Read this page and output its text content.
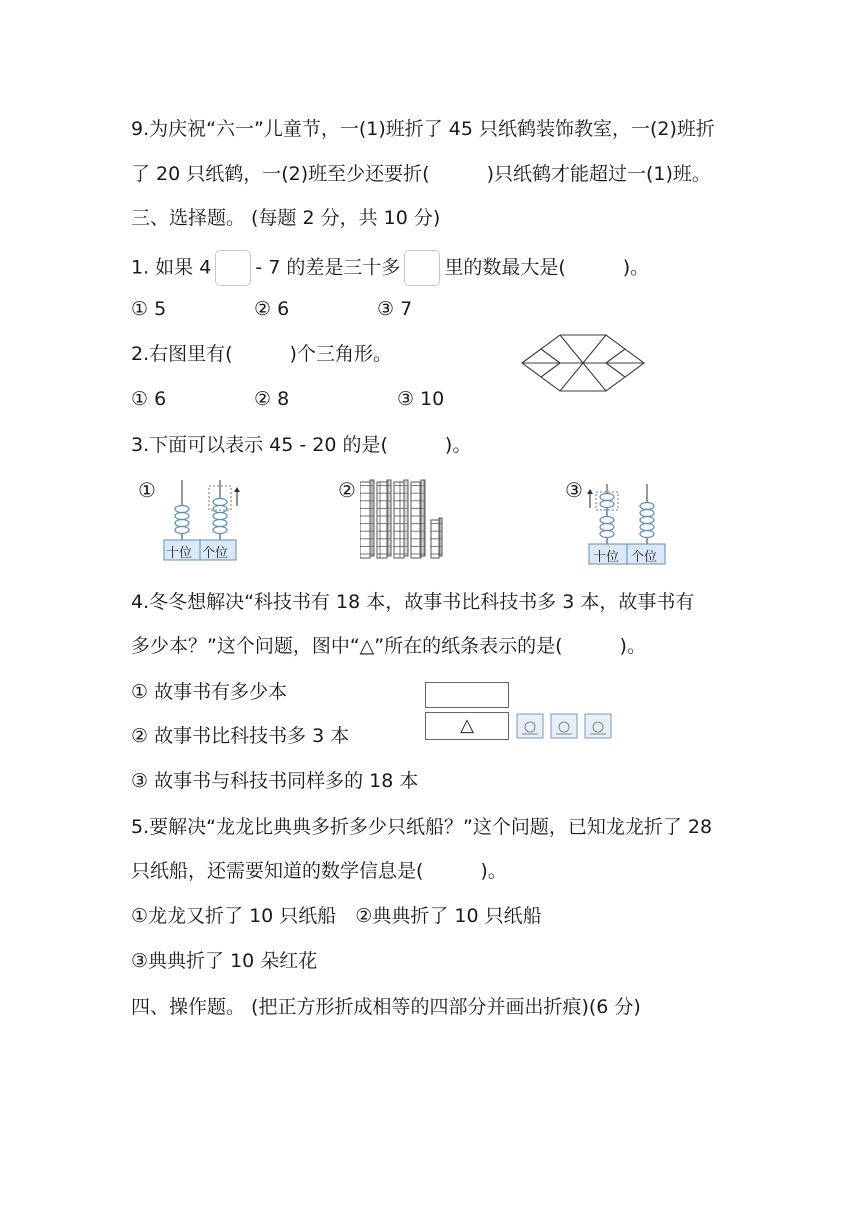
9.为庆祝“六一”儿童节，一(1)班折了 45 只纸鹤装饰教室，一(2)班折
了 20 只纸鹤，一(2)班至少还要折(　　　)只纸鹤才能超过一(1)班。
三、选择题。 (每题 2 分，共 10 分)
1. 如果 4 - 7 的差是三十多 里的数最大是(　　　)。
① 5	② 6	③ 7
2.右图里有(　　　)个三角形。
① 6	② 8	③ 10
3.下面可以表示 45 - 20 的是(　　　)。
①
十位 个位
②	③
十位 个位
4.冬冬想解决“科技书有 18 本，故事书比科技书多 3 本，故事书有
多少本？”这个问题，图中“△”所在的纸条表示的是(　　　)。
① 故事书有多少本
② 故事书比科技书多 3 本
③ 故事书与科技书同样多的 18 本
△
5.要解决“龙龙比典典多折多少只纸船？”这个问题，已知龙龙折了 28
只纸船，还需要知道的数学信息是(　　　)。
①龙龙又折了 10 只纸船　②典典折了 10 只纸船
③典典折了 10 朵红花
四、操作题。 (把正方形折成相等的四部分并画出折痕)(6 分)
